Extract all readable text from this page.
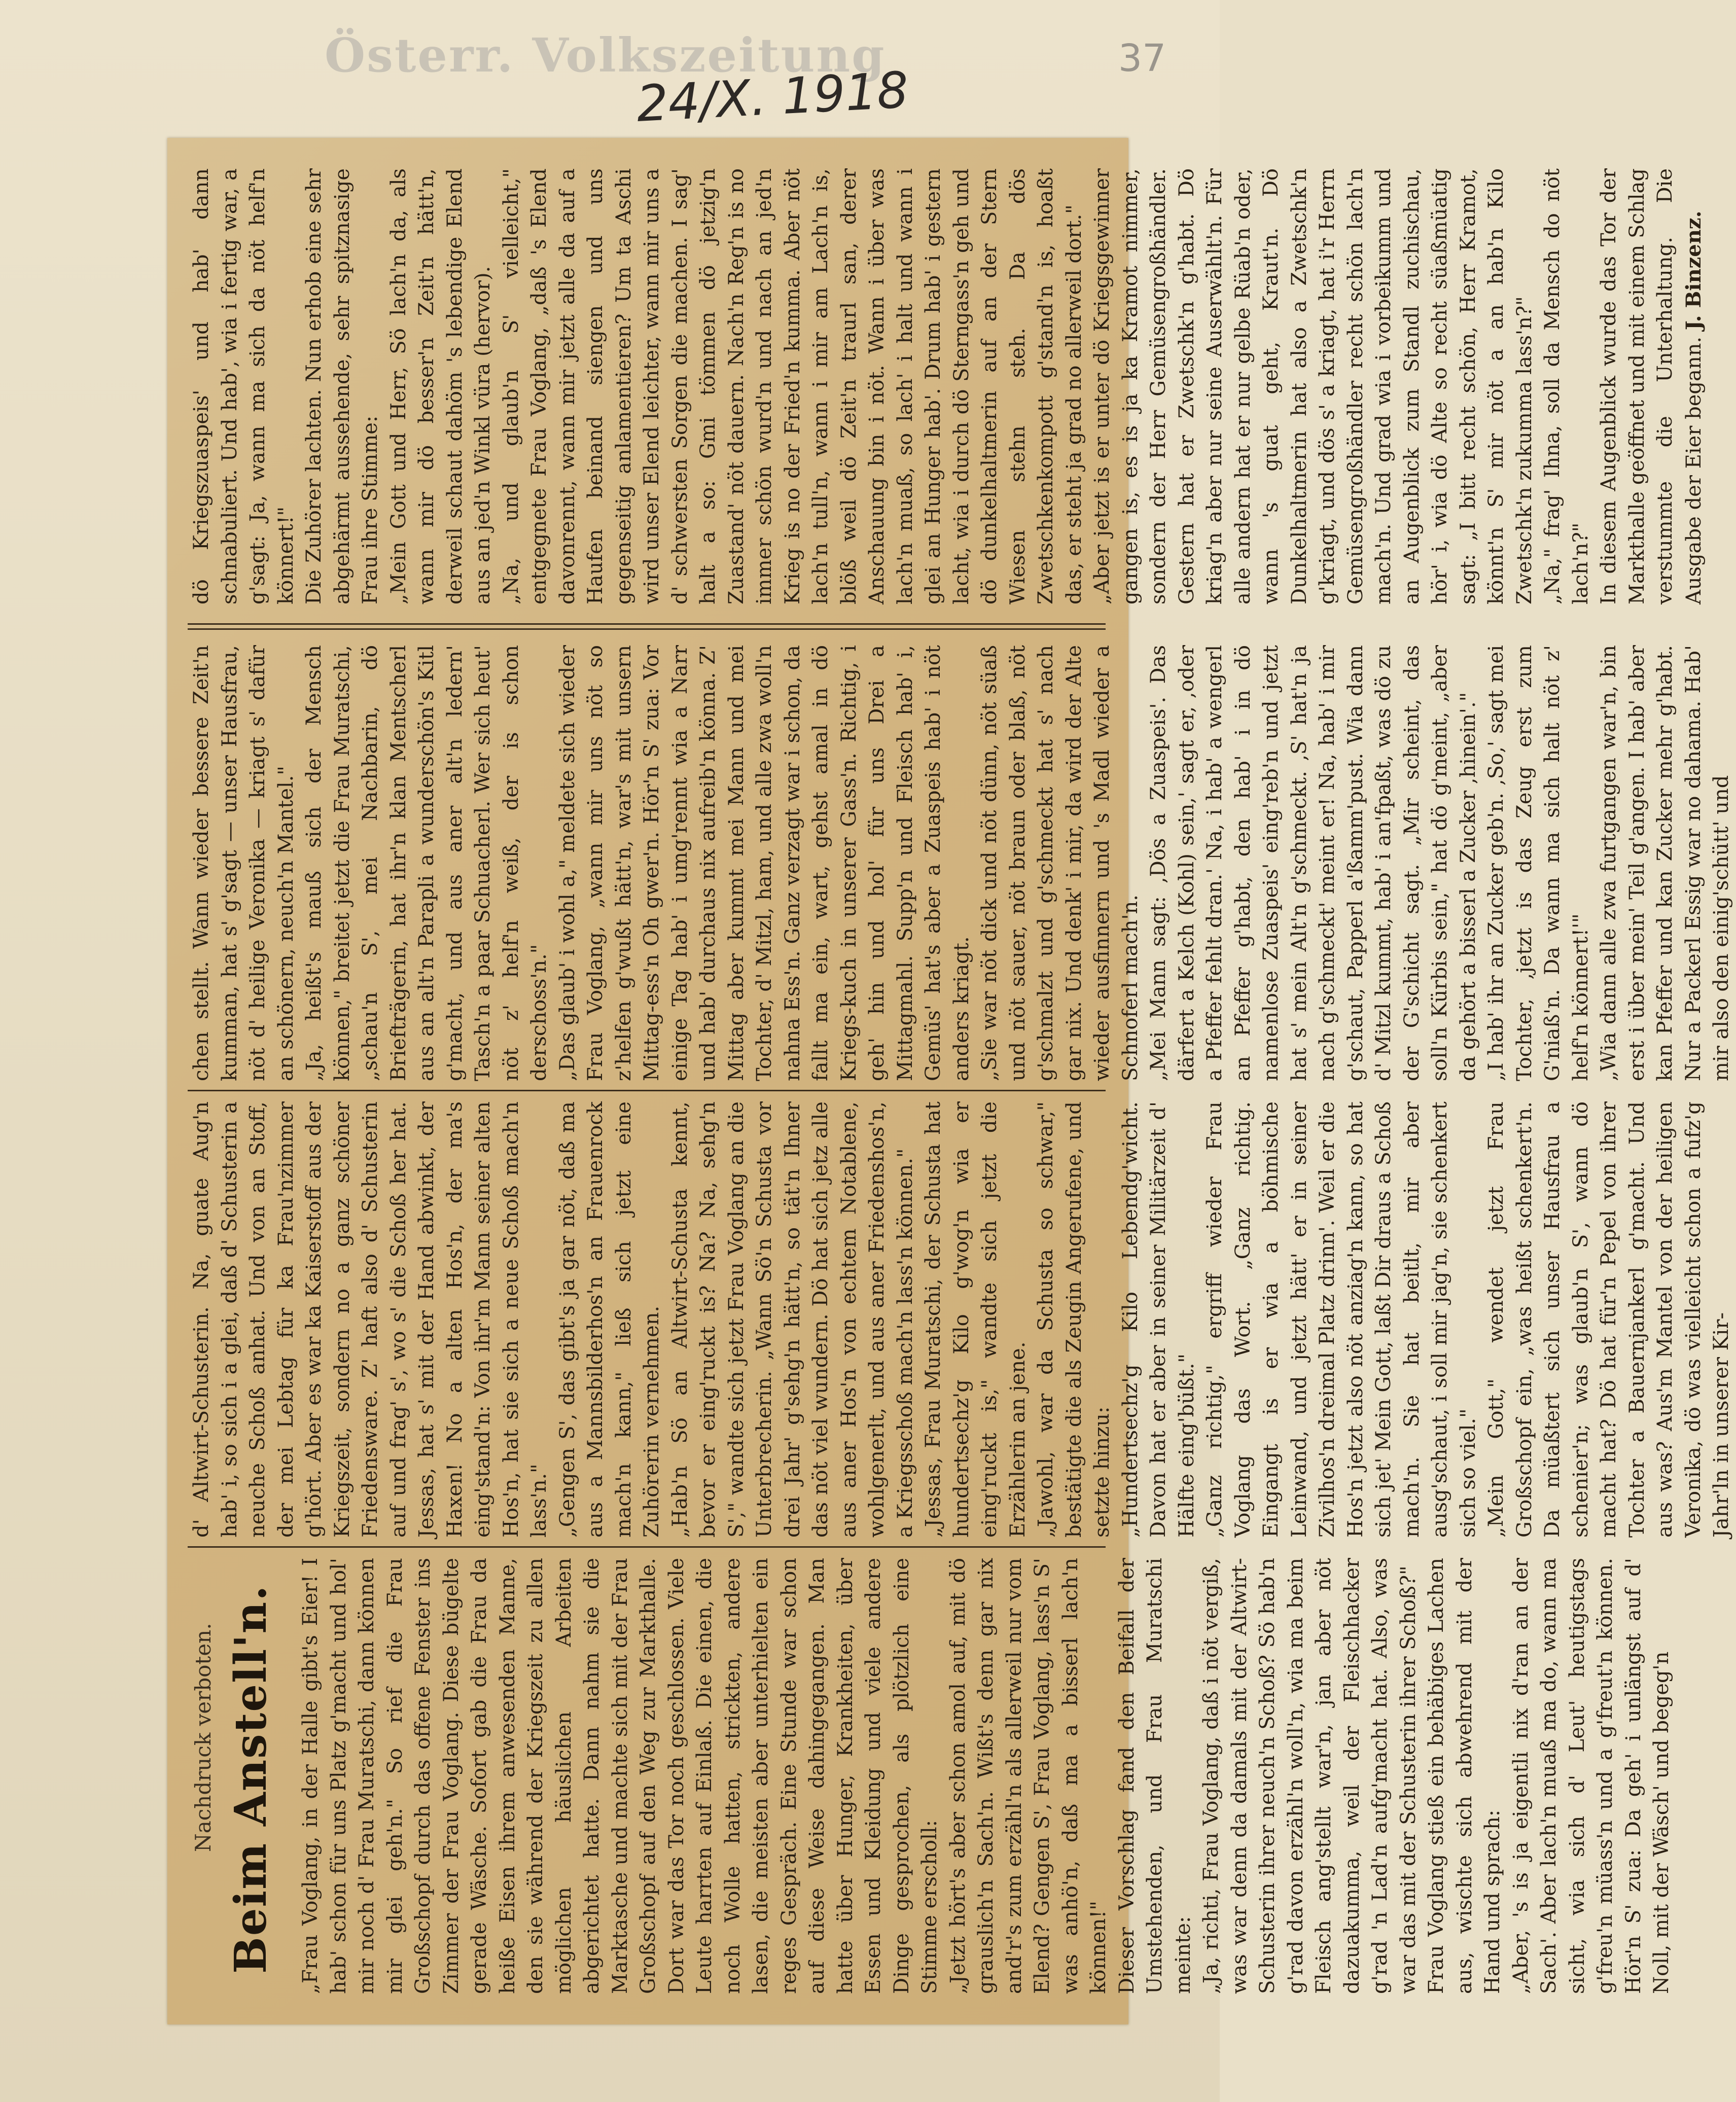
Österr. Volkszeitung
24/X. 1918
37
Nachdruck verboten. Beim Anstell'n. „Frau Voglang, in der Halle gibt's Eier! I hab' schon für uns Platz g'macht und hol' mir noch d' Frau Muratschi, dann können mir glei geh'n." So rief die Frau Großschopf durch das offene Fenster ins Zimmer der Frau Voglang. Diese bügelte gerade Wäsche. Sofort gab die Frau da heiße Eisen ihrem anwesenden Manne, den sie während der Kriegszeit zu allen möglichen häuslichen Arbeiten abgerichtet hatte. Dann nahm sie die Marktasche und machte sich mit der Frau Großschopf auf den Weg zur Markthalle. Dort war das Tor noch geschlossen. Viele Leute harrten auf Einlaß. Die einen, die noch Wolle hatten, strickten, andere lasen, die meisten aber unterhielten ein reges Gespräch. Eine Stunde war schon auf diese Weise dahingegangen. Man hatte über Hunger, Krankheiten, über Essen und Kleidung und viele andere Dinge gesprochen, als plötzlich eine Stimme erscholl:
„Jetzt hört's aber schon amol auf, mit dö grauslich'n Sach'n. Wißt's denn gar nix and'r's zum erzähl'n als allerweil nur vom Elend? Gengen S', Frau Voglang, lass'n S' was anhö'n, daß ma a bisserl lach'n können!"
Dieser Vorschlag fand den Beifall der Umstehenden, und Frau Muratschi meinte:
„Ja, richti, Frau Voglang, daß i nöt vergiß, was war denn da damals mit der Altwirt-Schusterin ihrer neuch'n Schoß? Sö hab'n g'rad davon erzähl'n woll'n, wia ma beim Fleisch ang'stellt war'n, jan aber nöt dazuakumma, weil der Fleischhacker g'rad 'n Lad'n aufg'macht hat. Also, was war das mit der Schusterin ihrer Schoß?"
Frau Voglang stieß ein behäbiges Lachen aus, wischte sich abwehrend mit der Hand und sprach:
„Aber, 's is ja eigentli nix d'ran an der Sach'. Aber lach'n muaß ma do, wann ma sicht, wia sich d' Leut' heutigstags g'freu'n müass'n und a g'freut'n können. Hör'n S' zua: Da geh' i unlängst auf d' Noll, mit der Wäsch' und begeg'n
d' Altwirt-Schusterin. Na, guate Aug'n hab' i, so sich i a glei, daß d' Schusterin a neuche Schoß anhat. Und von an Stoff, der mei Lebtag für ka Frau'nzimmer g'hört. Aber es war ka Kaiserstoff aus der Kriegszeit, sondern no a ganz schöner Friedensware. Z' haft also d' Schusterin auf und frag' s', wo s' die Schoß her hat. Jessas, hat s' mit der Hand abwinkt, der Haxen! No a alten Hos'n, der ma's eing'stand'n: Von ihr'm Mann seiner alten Hos'n, hat sie sich a neue Schoß mach'n lass'n."
„Gengen S', das gibt's ja gar nöt, daß ma aus a Mannsbilderhos'n an Frauenrock mach'n kann," ließ sich jetzt eine Zuhörerin vernehmen.
„Hab'n Sö an Altwirt-Schusta kennt, bevor er eing'ruckt is? Na? Na, sehg'n S'," wandte sich jetzt Frau Voglang an die Unterbrecherin. „Wann Sö'n Schusta vor drei Jahr' g'sehg'n hätt'n, so tät'n Ihner das nöt viel wundern. Dö hat sich jetz alle aus aner Hos'n von echtem Notablene, wohlgenerlt, und aus aner Friedenshos'n, a Kriegsschoß mach'n lass'n können."
„Jessas, Frau Muratschi, der Schusta hat hundertsechz'g Kilo g'wog'n wia er eing'ruckt is," wandte sich jetzt die Erzählerin an jene.
„Jawohl, war da Schusta so schwar," bestätigte die als Zeugin Angerufene, und setzte hinzu:
„Hundertsechz'g Kilo Lebendg'wicht. Davon hat er aber in seiner Militärzeit d' Hälfte eing'büßt."
„Ganz richtig," ergriff wieder Frau Voglang das Wort. „Ganz richtig. Eingangt is er wia a böhmische Leinwand, und jetzt hätt' er in seiner Zivilhos'n dreimal Platz drinn'. Weil er die Hos'n jetzt also nöt anziag'n kann, so hat sich jet' Mein Gott, laßt Dir draus a Schoß mach'n. Sie hat beitlt, mir aber ausg'schaut, i soll mir jag'n, sie schenkert sich so viel."
„Mein Gott," wendet jetzt Frau Großschopf ein, „was heißt schenkert'n. Da müaßtert sich unser Hausfrau a schenier'n; was glaub'n S', wann dö macht hat? Dö hat für'n Pepel von ihrer Tochter a Bauernjankerl g'macht. Und aus was? Aus'm Mantel von der heiligen Veronika, dö was vielleicht schon a fufz'g Jahr'ln in unserer Kir-
chen stellt. Wann wieder bessere Zeit'n kumman, hat s' g'sagt — unser Hausfrau, nöt d' heilige Veronika — kriagt s' dafür an schönern, neuch'n Mantel."
„Ja, heißt's mauß sich der Mensch können," breitet jetzt die Frau Muratschi, „schau'n S', mei Nachbarin, dö Briefträgerin, hat ihr'n klan Mentscherl aus an alt'n Parapli a wunderschön's Kitl g'macht, und aus aner alt'n ledern' Tasch'n a paar Schuacherl. Wer sich heut' nöt z' helf'n weiß, der is schon derschoss'n."
„Das glaub' i wohl a," meldete sich wieder Frau Voglang, „wann mir uns nöt so z'helfen g'wußt hätt'n, war's mit unsern Mittag-ess'n Oh gwer'n. Hör'n S' zua: Vor einige Tag hab' i umg'rennt wia a Narr und hab' durchaus nix aufreib'n könna. Z' Mittag aber kummt mei Mann und mei Tochter, d' Mitzl, ham, und alle zwa woll'n nahna Ess'n. Ganz verzagt war i schon, da fallt ma ein, wart, gehst amal in dö Kriegs-kuch in unserer Gass'n. Richtig, i geh' hin und hol' für uns Drei a Mittagmahl. Supp'n und Fleisch hab' i, Gemüs' hat's aber a Zuaspeis hab' i nöt anders kriagt.
„Sie war nöt dick und nöt dünn, nöt süaß und nöt sauer, nöt braun oder blaß, nöt g'schmalzt und g'schmeckt hat s' nach gar nix. Und denk' i mir, da wird der Alte wieder ausfinnern und 's Madl wieder a Schnoferl mach'n.
„Mei Mann sagt: ,Dös a Zuaspeis'. Das därfert a Kelch (Kohl) sein,' sagt er, ,oder a Pfeffer fehlt dran.' Na, i hab' a wengerl an Pfeffer g'habt, den hab' i in dö namenlose Zuaspeis' eing'reb'n und jetzt hat s' mein Alt'n g'schmeckt. ,S' hat'n ja nach g'schmeckt' meint er! Na, hab' i mir g'schaut, Papperl a'ßamm'pust. Wia dann d' Mitzl kummt, hab' i an'fpaßt, was dö zu der G'schicht sagt. „Mir scheint, das soll'n Kürbis sein," hat dö g'meint, „aber da gehört a bisserl a Zucker ,hinein'."
„I hab' ihr an Zucker geb'n. ,So,' sagt mei Tochter, ,jetzt is das Zeug erst zum G'niaß'n. Da wann ma sich halt nöt z' helf'n könnert!'"
„Wia dann alle zwa furtgangen war'n, bin erst i über mein' Teil g'angen. I hab' aber kan Pfeffer und kan Zucker mehr g'habt. Nur a Packerl Essig war no dahama. Hab' mir also den einig'schütt' und
dö Kriegszuaspeis' und hab' dann schnabuliert. Und hab', wia i fertig war, a g'sagt: Ja, wann ma sich da nöt helf'n könnert!"
Die Zuhörer lachten. Nun erhob eine sehr abgehärmt aussehende, sehr spitznasige Frau ihre Stimme:
„Mein Gott und Herr, Sö lach'n da, als wann mir dö besser'n Zeit'n hätt'n, derweil schaut dahöm 's lebendige Elend aus an jed'n Winkl vüra (hervor).
„Na, und glaub'n S' vielleicht," entgegnete Frau Voglang, „daß 's Elend davonrennt, wann mir jetzt alle da auf a Haufen beinand siengen und uns gegenseitig anlamentieren? Um ta Aschi wird unser Elend leichter, wann mir uns a d' schwersten Sorgen die machen. I sag' halt a so: Gmi tömmen dö jetzig'n Zuastand' nöt dauern. Nach'n Reg'n is no immer schön wurd'n und nach an jed'n Krieg is no der Fried'n kumma. Aber nöt lach'n tull'n, wann i mir am Lach'n is, blöß weil dö Zeit'n traurl san, derer Anschauung bin i nöt. Wann i über was lach'n muaß, so lach' i halt und wann i glei an Hunger hab'. Drum hab' i gestern lacht, wia i durch dö Sterngass'n geh und dö dunkelhaltmerin auf an der Stern Wiesen stehn steh. Da dös Zwetschkenkompott g'stand'n is, hoaßt das, er steht ja grad no allerweil dort."
„Aber jetzt is er unter dö Kriegsgewinner gangen is, es is ja ka Kramot nimmer, sondern der Herr Gemüsengroßhändler. Gestern hat er Zwetschk'n g'habt. Dö kriag'n aber nur seine Auserwählt'n. Für alle andern hat er nur gelbe Rüab'n oder, wann 's guat geht, Kraut'n. Dö Dunkelhaltmerin hat also a Zwetschk'n g'kriagt, und dös s' a kriagt, hat i'r Herrn Gemüsengroßhändler recht schön lach'n mach'n. Und grad wia i vorbeikumm und an Augenblick zum Standl zuchischau, hör' i, wia dö Alte so recht süaßmüatig sagt: „I bitt recht schön, Herr Kramot, könnt'n S' mir nöt a an hab'n Kilo Zwetschk'n zukumma lass'n?"
„Na," frag' Ihna, soll da Mensch do nöt lach'n?"
In diesem Augenblick wurde das Tor der Markthalle geöffnet und mit einem Schlag verstummte die Unterhaltung. Die Ausgabe der Eier begann. J. Binzenz.
